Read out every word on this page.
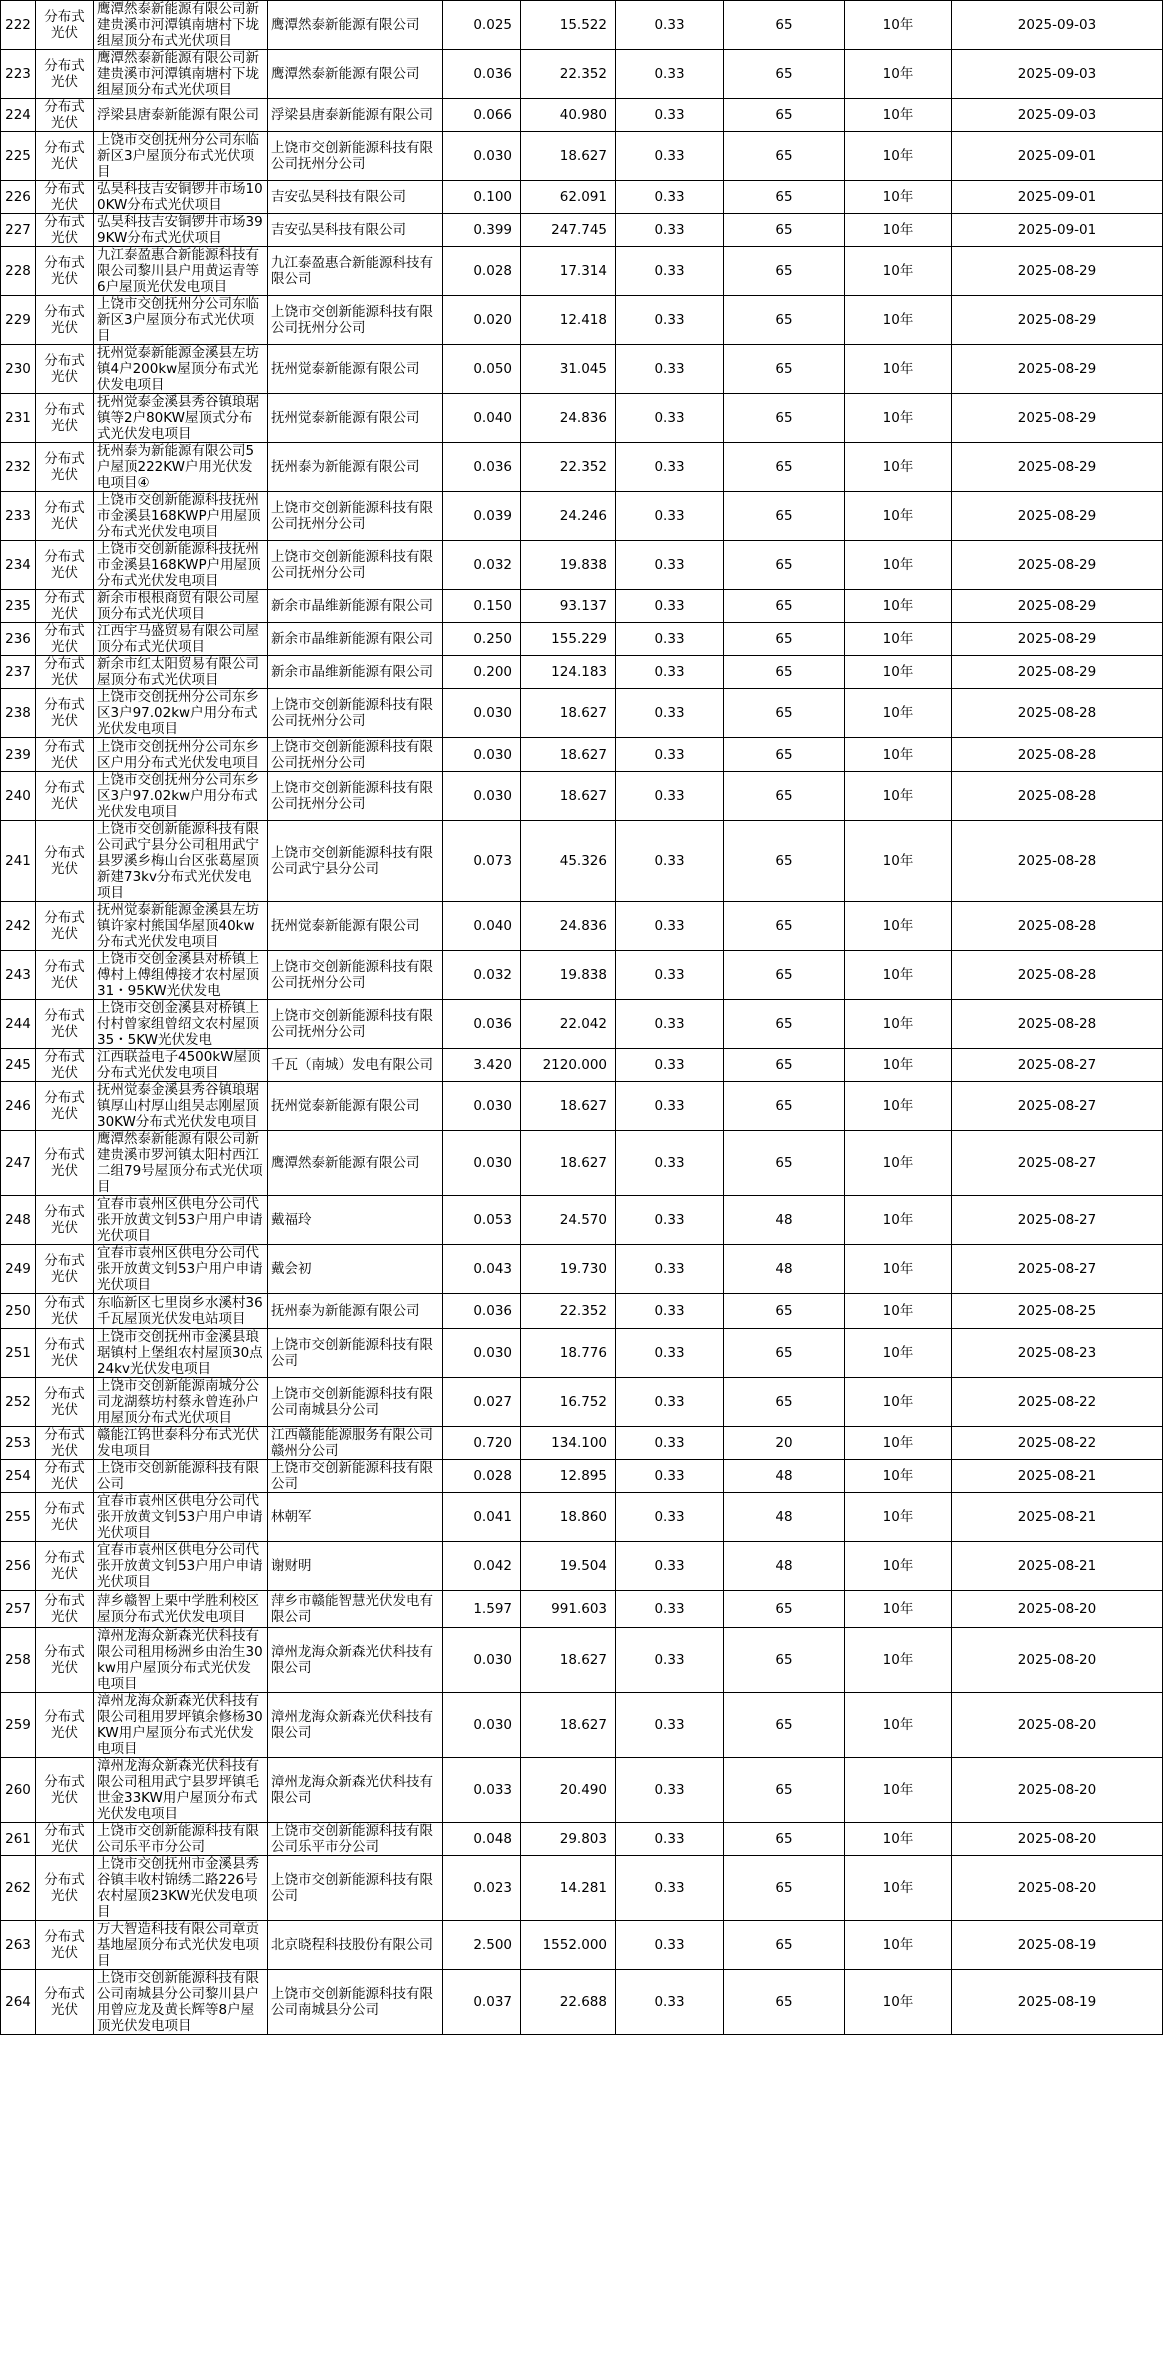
222	分布式光伏	鹰潭然泰新能源有限公司新建贵溪市河潭镇南塘村下垅组屋顶分布式光伏项目	鹰潭然泰新能源有限公司	0.025	15.522	0.33	65	10年	2025-09-03
223	分布式光伏	鹰潭然泰新能源有限公司新建贵溪市河潭镇南塘村下垅组屋顶分布式光伏项目	鹰潭然泰新能源有限公司	0.036	22.352	0.33	65	10年	2025-09-03
224	分布式光伏	浮梁县唐泰新能源有限公司	浮梁县唐泰新能源有限公司	0.066	40.980	0.33	65	10年	2025-09-03
225	分布式光伏	上饶市交创抚州分公司东临新区3户屋顶分布式光伏项目	上饶市交创新能源科技有限公司抚州分公司	0.030	18.627	0.33	65	10年	2025-09-01
226	分布式光伏	弘昊科技吉安铜锣井市场100KW分布式光伏项目	吉安弘昊科技有限公司	0.100	62.091	0.33	65	10年	2025-09-01
227	分布式光伏	弘昊科技吉安铜锣井市场399KW分布式光伏项目	吉安弘昊科技有限公司	0.399	247.745	0.33	65	10年	2025-09-01
228	分布式光伏	九江泰盈惠合新能源科技有限公司黎川县户用黄运青等6户屋顶光伏发电项目	九江泰盈惠合新能源科技有限公司	0.028	17.314	0.33	65	10年	2025-08-29
229	分布式光伏	上饶市交创抚州分公司东临新区3户屋顶分布式光伏项目	上饶市交创新能源科技有限公司抚州分公司	0.020	12.418	0.33	65	10年	2025-08-29
230	分布式光伏	抚州觉泰新能源金溪县左坊镇4户200kw屋顶分布式光伏发电项目	抚州觉泰新能源有限公司	0.050	31.045	0.33	65	10年	2025-08-29
231	分布式光伏	抚州觉泰金溪县秀谷镇琅琚镇等2户80KW屋顶式分布式光伏发电项目	抚州觉泰新能源有限公司	0.040	24.836	0.33	65	10年	2025-08-29
232	分布式光伏	抚州泰为新能源有限公司5户屋顶222KW户用光伏发电项目④	抚州泰为新能源有限公司	0.036	22.352	0.33	65	10年	2025-08-29
233	分布式光伏	上饶市交创新能源科技抚州市金溪县168KWP户用屋顶分布式光伏发电项目	上饶市交创新能源科技有限公司抚州分公司	0.039	24.246	0.33	65	10年	2025-08-29
234	分布式光伏	上饶市交创新能源科技抚州市金溪县168KWP户用屋顶分布式光伏发电项目	上饶市交创新能源科技有限公司抚州分公司	0.032	19.838	0.33	65	10年	2025-08-29
235	分布式光伏	新余市根根商贸有限公司屋顶分布式光伏项目	新余市晶维新能源有限公司	0.150	93.137	0.33	65	10年	2025-08-29
236	分布式光伏	江西宇马盛贸易有限公司屋顶分布式光伏项目	新余市晶维新能源有限公司	0.250	155.229	0.33	65	10年	2025-08-29
237	分布式光伏	新余市红太阳贸易有限公司屋顶分布式光伏项目	新余市晶维新能源有限公司	0.200	124.183	0.33	65	10年	2025-08-29
238	分布式光伏	上饶市交创抚州分公司东乡区3户97.02kw户用分布式光伏发电项目	上饶市交创新能源科技有限公司抚州分公司	0.030	18.627	0.33	65	10年	2025-08-28
239	分布式光伏	上饶市交创抚州分公司东乡区户用分布式光伏发电项目	上饶市交创新能源科技有限公司抚州分公司	0.030	18.627	0.33	65	10年	2025-08-28
240	分布式光伏	上饶市交创抚州分公司东乡区3户97.02kw户用分布式光伏发电项目	上饶市交创新能源科技有限公司抚州分公司	0.030	18.627	0.33	65	10年	2025-08-28
241	分布式光伏	上饶市交创新能源科技有限公司武宁县分公司租用武宁县罗溪乡梅山台区张葛屋顶新建73kv分布式光伏发电项目	上饶市交创新能源科技有限公司武宁县分公司	0.073	45.326	0.33	65	10年	2025-08-28
242	分布式光伏	抚州觉泰新能源金溪县左坊镇许家村熊国华屋顶40kw分布式光伏发电项目	抚州觉泰新能源有限公司	0.040	24.836	0.33	65	10年	2025-08-28
243	分布式光伏	上饶市交创金溪县对桥镇上傅村上傅组傅接才农村屋顶31・95KW光伏发电	上饶市交创新能源科技有限公司抚州分公司	0.032	19.838	0.33	65	10年	2025-08-28
244	分布式光伏	上饶市交创金溪县对桥镇上付村曾家组曾绍文农村屋顶35・5KW光伏发电	上饶市交创新能源科技有限公司抚州分公司	0.036	22.042	0.33	65	10年	2025-08-28
245	分布式光伏	江西联益电子4500kW屋顶分布式光伏发电项目	千瓦（南城）发电有限公司	3.420	2120.000	0.33	65	10年	2025-08-27
246	分布式光伏	抚州觉泰金溪县秀谷镇琅琚镇厚山村厚山组吴志刚屋顶30KW分布式光伏发电项目	抚州觉泰新能源有限公司	0.030	18.627	0.33	65	10年	2025-08-27
247	分布式光伏	鹰潭然泰新能源有限公司新建贵溪市罗河镇太阳村西江二组79号屋顶分布式光伏项目	鹰潭然泰新能源有限公司	0.030	18.627	0.33	65	10年	2025-08-27
248	分布式光伏	宜春市袁州区供电分公司代张开放黄文钊53户用户申请光伏项目	戴福玲	0.053	24.570	0.33	48	10年	2025-08-27
249	分布式光伏	宜春市袁州区供电分公司代张开放黄文钊53户用户申请光伏项目	戴会初	0.043	19.730	0.33	48	10年	2025-08-27
250	分布式光伏	东临新区七里岗乡水溪村36千瓦屋顶光伏发电站项目	抚州泰为新能源有限公司	0.036	22.352	0.33	65	10年	2025-08-25
251	分布式光伏	上饶市交创抚州市金溪县琅琚镇村上堡组农村屋顶30点24kv光伏发电项目	上饶市交创新能源科技有限公司	0.030	18.776	0.33	65	10年	2025-08-23
252	分布式光伏	上饶市交创新能源南城分公司龙湖蔡坊村蔡永曾连孙户用屋顶分布式光伏项目	上饶市交创新能源科技有限公司南城县分公司	0.027	16.752	0.33	65	10年	2025-08-22
253	分布式光伏	赣能江钨世泰科分布式光伏发电项目	江西赣能能源服务有限公司赣州分公司	0.720	134.100	0.33	20	10年	2025-08-22
254	分布式光伏	上饶市交创新能源科技有限公司	上饶市交创新能源科技有限公司	0.028	12.895	0.33	48	10年	2025-08-21
255	分布式光伏	宜春市袁州区供电分公司代张开放黄文钊53户用户申请光伏项目	林朝军	0.041	18.860	0.33	48	10年	2025-08-21
256	分布式光伏	宜春市袁州区供电分公司代张开放黄文钊53户用户申请光伏项目	谢财明	0.042	19.504	0.33	48	10年	2025-08-21
257	分布式光伏	萍乡赣智上栗中学胜利校区屋顶分布式光伏发电项目	萍乡市赣能智慧光伏发电有限公司	1.597	991.603	0.33	65	10年	2025-08-20
258	分布式光伏	漳州龙海众新森光伏科技有限公司租用杨洲乡由治生30kw用户屋顶分布式光伏发电项目	漳州龙海众新森光伏科技有限公司	0.030	18.627	0.33	65	10年	2025-08-20
259	分布式光伏	漳州龙海众新森光伏科技有限公司租用罗坪镇余修杨30KW用户屋顶分布式光伏发电项目	漳州龙海众新森光伏科技有限公司	0.030	18.627	0.33	65	10年	2025-08-20
260	分布式光伏	漳州龙海众新森光伏科技有限公司租用武宁县罗坪镇毛世金33KW用户屋顶分布式光伏发电项目	漳州龙海众新森光伏科技有限公司	0.033	20.490	0.33	65	10年	2025-08-20
261	分布式光伏	上饶市交创新能源科技有限公司乐平市分公司	上饶市交创新能源科技有限公司乐平市分公司	0.048	29.803	0.33	65	10年	2025-08-20
262	分布式光伏	上饶市交创抚州市金溪县秀谷镇丰收村锦绣二路226号农村屋顶23KW光伏发电项目	上饶市交创新能源科技有限公司	0.023	14.281	0.33	65	10年	2025-08-20
263	分布式光伏	万大智造科技有限公司章贡基地屋顶分布式光伏发电项目	北京晓程科技股份有限公司	2.500	1552.000	0.33	65	10年	2025-08-19
264	分布式光伏	上饶市交创新能源科技有限公司南城县分公司黎川县户用曾应龙及黄长辉等8户屋顶光伏发电项目	上饶市交创新能源科技有限公司南城县分公司	0.037	22.688	0.33	65	10年	2025-08-19
